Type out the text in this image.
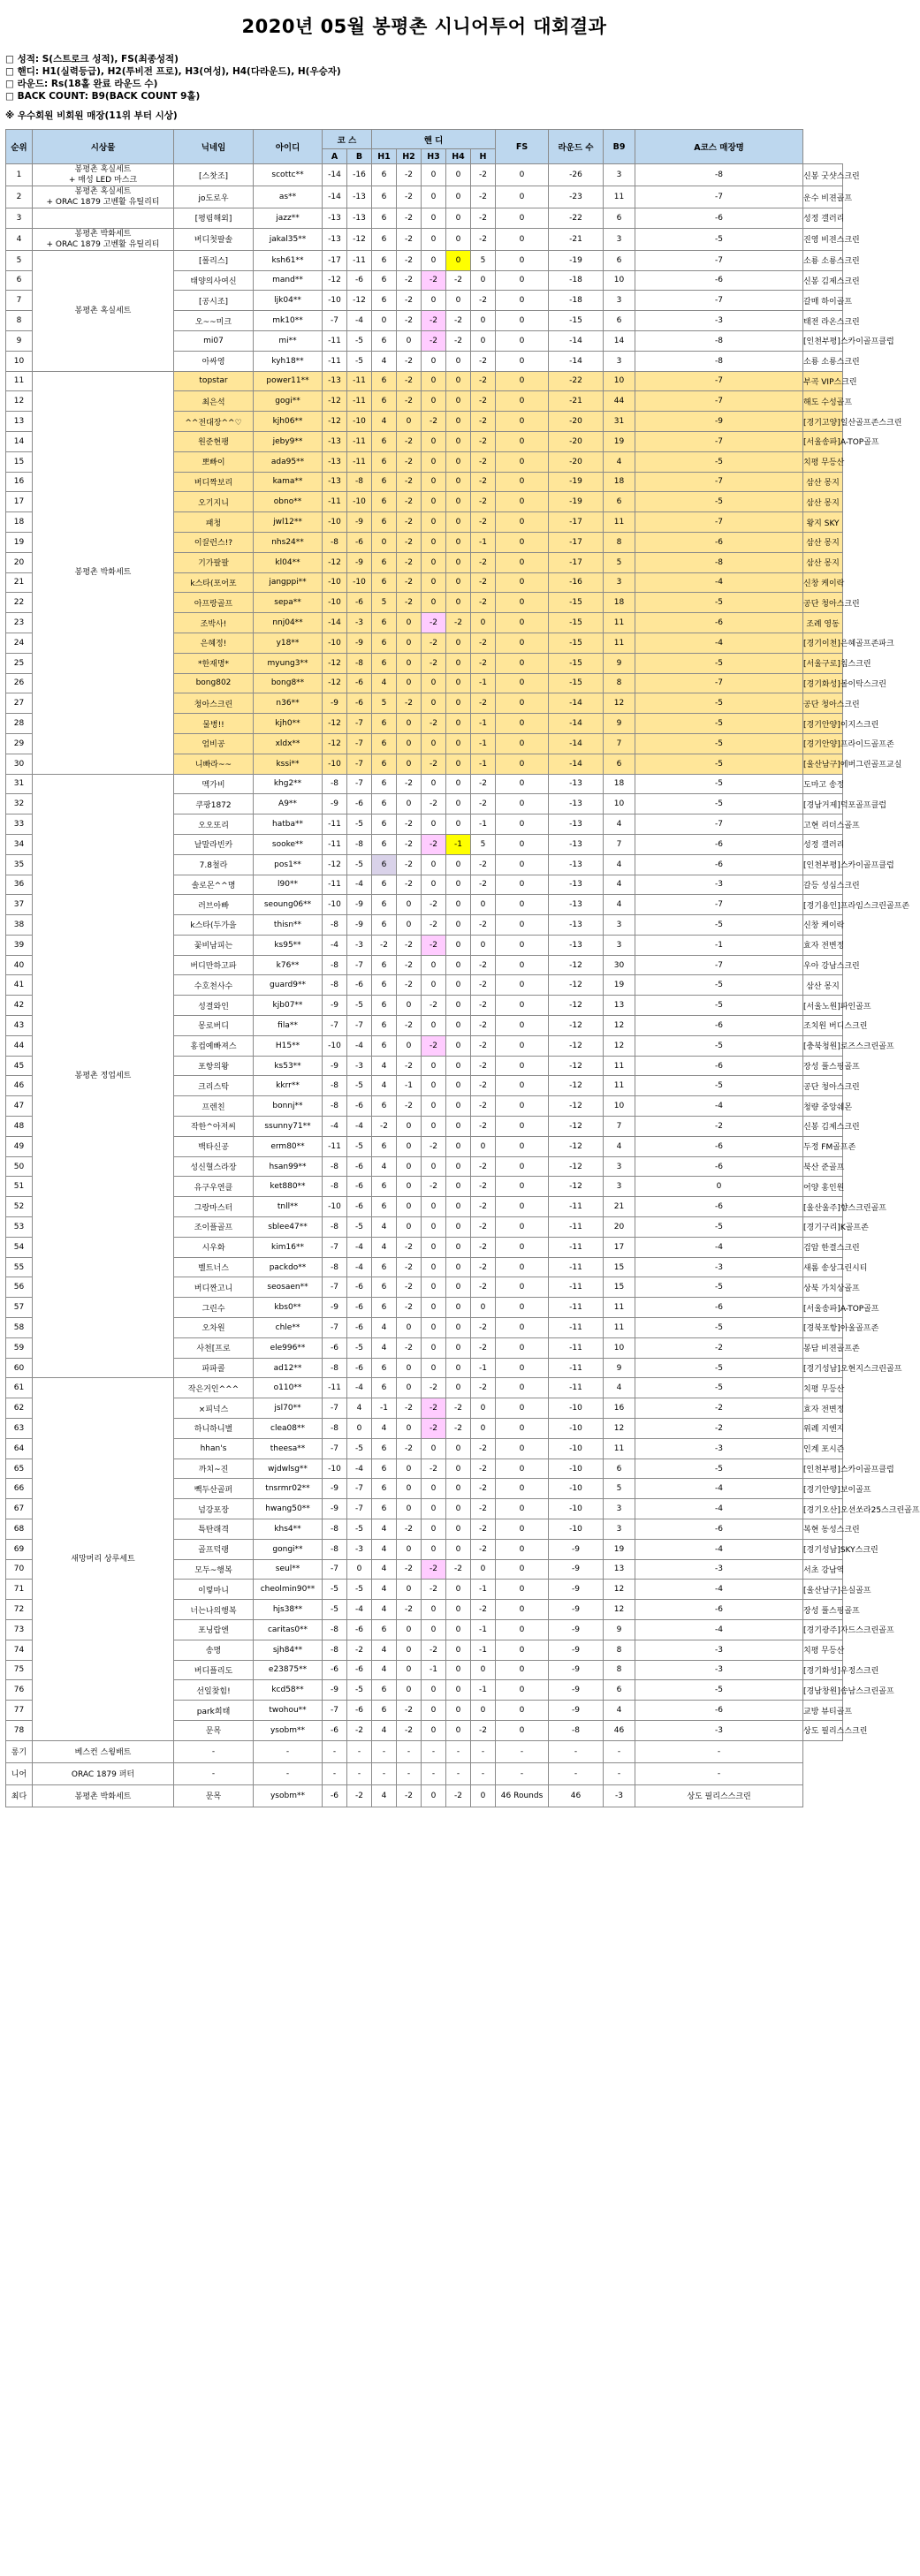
2020년 05월 봉평촌 시니어투어 대회결과
□ 성적: S(스트로크 성적), FS(최종성적)
□ 핸디: H1(실력등급), H2(투비전 프로), H3(여성), H4(다라운드), H(우승자)
□ 라운드: Rs(18홀 완료 라운드 수)
□ BACK COUNT: B9(BACK COUNT 9홀)
※ 우수회원 비회원 매장(11위 부터 시상)
순위	시상물	닉네임	아이디	코 스		핸 디					FS	라운드 수	B9	A코스 매장명	
				A	B	H1	H2	H3	H4	H					
1	봉평촌 혹실세트
+ 매성 LED 마스크	[스찻조]	scottc**	-14	-16	6	-2	0	0	-2	0	-26	3	-8	신봉 굿샷스크린
2	봉평촌 혹실세트
+ ORAC 1879 고벤활 유틸리티	jo도로우	as**	-14	-13	6	-2	0	0	-2	0	-23	11	-7	운수 비젼골프
3		[평림해외]	jazz**	-13	-13	6	-2	0	0	-2	0	-22	6	-6	성정 갤러리
4	봉평촌 박화세트
+ ORAC 1879 고벤활 유틸리티	버디첫팔솔	jakal35**	-13	-12	6	-2	0	0	-2	0	-21	3	-5	진영 비젼스크린
5	봉평촌 혹실세트	[폴리스]	ksh61**	-17	-11	6	-2	0	0	5	0	-19	6	-7	소룡 소룡스크린
6		태양의사여신	mand**	-12	-6	6	-2	-2	-2	0	0	-18	10	-6	신봉 김제스크린
7		[공시조]	ljk04**	-10	-12	6	-2	0	0	-2	0	-18	3	-7	갈매 하이골프
8		오~~미크	mk10**	-7	-4	0	-2	-2	-2	0	0	-15	6	-3	태전 라온스크린
9		mi07	mi**	-11	-5	6	0	-2	-2	0	0	-14	14	-8	[인천부평]스카이골프클럽
10		아싸영	kyh18**	-11	-5	4	-2	0	0	-2	0	-14	3	-8	소룡 소룡스크린
11	봉평촌 박화세트	topstar	power11**	-13	-11	6	-2	0	0	-2	0	-22	10	-7	부곡 VIP스크린
12		최은석	gogi**	-12	-11	6	-2	0	0	-2	0	-21	44	-7	해도 수성골프
13		^^전대장^^♡	kjh06**	-12	-10	4	0	-2	0	-2	0	-20	31	-9	[경기고양]일산골프존스크린
14		원준현팽	jeby9**	-13	-11	6	-2	0	0	-2	0	-20	19	-7	[서울송파]A-TOP골프
15		뽀빠이	ada95**	-13	-11	6	-2	0	0	-2	0	-20	4	-5	치평 무등산
16		버디짝보리	kama**	-13	-8	6	-2	0	0	-2	0	-19	18	-7	삼산 몽지
17		오기지니	obno**	-11	-10	6	-2	0	0	-2	0	-19	6	-5	삼산 몽지
18		패청	jwl12**	-10	-9	6	-2	0	0	-2	0	-17	11	-7	왕지 SKY
19		이끌런스!?	nhs24**	-8	-6	0	-2	0	0	-1	0	-17	8	-6	삼산 몽지
20		기가팔팔	kl04**	-12	-9	6	-2	0	0	-2	0	-17	5	-8	삼산 몽지
21		k스타(포어포	jangppi**	-10	-10	6	-2	0	0	-2	0	-16	3	-4	신창 케이락
22		아프랑골프	sepa**	-10	-6	5	-2	0	0	-2	0	-15	18	-5	공단 청아스크린
23		조박사!	nnj04**	-14	-3	6	0	-2	-2	0	0	-15	11	-6	조례 영동
24		은혜정!	y18**	-10	-9	6	0	-2	0	-2	0	-15	11	-4	[경기이천]은혜골프존파크
25		*한재명*	myung3**	-12	-8	6	0	-2	0	-2	0	-15	9	-5	[서울구로]칩스크린
26		bong802	bong8**	-12	-6	4	0	0	0	-1	0	-15	8	-7	[경기화성]볼이탁스크린
27		청아스크린	n36**	-9	-6	5	-2	0	0	-2	0	-14	12	-5	공단 청아스크린
28		물병!!	kjh0**	-12	-7	6	0	-2	0	-1	0	-14	9	-5	[경기안양]이지스크린
29		엄비공	xldx**	-12	-7	6	0	0	0	-1	0	-14	7	-5	[경기안양]프라이드골프존
30		니빠라~~	kssi**	-10	-7	6	0	-2	0	-1	0	-14	6	-5	[울산남구]에버그린골프교실
31	봉평촌 정업세트	멕가비	khg2**	-8	-7	6	-2	0	0	-2	0	-13	18	-5	도마고 송정
32		쿠팡1872	A9**	-9	-6	6	0	-2	0	-2	0	-13	10	-5	[경남거제]덕포골프클럽
33		오오또리	hatba**	-11	-5	6	-2	0	0	-1	0	-13	4	-7	고현 리더스골프
34		날말라빈카	sooke**	-11	-8	6	-2	-2	-1	5	0	-13	7	-6	성정 갤러리
35		7.8철라	pos1**	-12	-5	6	-2	0	0	-2	0	-13	4	-6	[인천부평]스카이골프클럽
36		솔로몬^^명	l90**	-11	-4	6	-2	0	0	-2	0	-13	4	-3	갈등 성심스크린
37		러브아빠	seoung06**	-10	-9	6	0	-2	0	0	0	-13	4	-7	[경기용인]프라임스크린골프존
38		k스타(두가을	thisn**	-8	-9	6	0	-2	0	-2	0	-13	3	-5	신창 케이락
39		꽃비남피는	ks95**	-4	-3	-2	-2	-2	0	0	0	-13	3	-1	효자 전변정
40		버디만하고파	k76**	-8	-7	6	-2	0	0	-2	0	-12	30	-7	우아 강남스크린
41		수호천사수	guard9**	-8	-6	6	-2	0	0	-2	0	-12	19	-5	삼산 몽지
42		성결와인	kjb07**	-9	-5	6	0	-2	0	-2	0	-12	13	-5	[서울노원]파인골프
43		몽로버디	fila**	-7	-7	6	-2	0	0	-2	0	-12	12	-6	조치원 버디스크린
44		홍컵예빠져스	H15**	-10	-4	6	0	-2	0	-2	0	-12	12	-5	[충북청원]로즈스크린골프
45		포항의왕	ks53**	-9	-3	4	-2	0	0	-2	0	-12	11	-6	장성 풀스핑골프
46		크리스탁	kkrr**	-8	-5	4	-1	0	0	-2	0	-12	11	-5	공단 청아스크린
47		프렌친	bonnj**	-8	-6	6	-2	0	0	-2	0	-12	10	-4	청량 중앙쉐몬
48		작한^아저씨	ssunny71**	-4	-4	-2	0	0	0	-2	0	-12	7	-2	신봉 김제스크린
49		백타신공	erm80**	-11	-5	6	0	-2	0	0	0	-12	4	-6	두정 FM골프존
50		성신혈스라장	hsan99**	-8	-6	4	0	0	0	-2	0	-12	3	-6	북산 준골프
51		유구우연클	ket880**	-8	-6	6	0	-2	0	-2	0	-12	3	0	어양 홍인원
52		그랑마스터	tnll**	-10	-6	6	0	0	0	-2	0	-11	21	-6	[울산울주]향스크린골프
53		조이플골프	sblee47**	-8	-5	4	0	0	0	-2	0	-11	20	-5	[경기구리]K골프존
54		시우화	kim16**	-7	-4	4	-2	0	0	-2	0	-11	17	-4	검암 한결스크린
55		벨트너스	packdo**	-8	-4	6	-2	0	0	-2	0	-11	15	-3	새롬 송상그린시티
56		버디짠고니	seosaen**	-7	-6	6	-2	0	0	-2	0	-11	15	-5	상북 가치상골프
57		그린수	kbs0**	-9	-6	6	-2	0	0	0	0	-11	11	-6	[서울송파]A-TOP골프
58		오차원	chle**	-7	-6	4	0	0	0	-2	0	-11	11	-5	[경북포항]아울골프존
59		사천[프로	ele996**	-6	-5	4	-2	0	0	-2	0	-11	10	-2	봉담 비젼골프존
60		파파콜	ad12**	-8	-6	6	0	0	0	-1	0	-11	9	-5	[경기성남]오현지스크린골프
61	새망머리 상루세트	작은거인^^^	o110**	-11	-4	6	0	-2	0	-2	0	-11	4	-5	치평 무등산
62		×피넉스	jsl70**	-7	4	-1	-2	-2	-2	0	0	-10	16	-2	효자 전변정
63		하니하니별	clea08**	-8	0	4	0	-2	-2	0	0	-10	12	-2	위례 지엔지
64		hhan's	theesa**	-7	-5	6	-2	0	0	-2	0	-10	11	-3	인계 포시즌
65		까치~진	wjdwlsg**	-10	-4	6	0	-2	0	-2	0	-10	6	-5	[인천부평]스카이골프클럽
66		빽두산골퍼	tnsrmr02**	-9	-7	6	0	0	0	-2	0	-10	5	-4	[경기안양]보이골프
67		넘강포장	hwang50**	-9	-7	6	0	0	0	-2	0	-10	3	-4	[경기오산]오션쏘라25스크린골프
68		특탄래격	khs4**	-8	-5	4	-2	0	0	-2	0	-10	3	-6	복현 동성스크린
69		골프덕랭	gongi**	-8	-3	4	0	0	0	-2	0	-9	19	-4	[경기성남]SKY스크린
70		모두~행복	seul**	-7	0	4	-2	-2	-2	0	0	-9	13	-3	서초 강남역
71		이렇마니	cheolmin90**	-5	-5	4	0	-2	0	-1	0	-9	12	-4	[울산남구]은실골프
72		너는나의행복	hjs38**	-5	-4	4	-2	0	0	-2	0	-9	12	-6	장성 풀스핑골프
73		포닝랍엔	caritas0**	-8	-6	6	0	0	0	-1	0	-9	9	-4	[경기광주]자드스크린골프
74		송명	sjh84**	-8	-2	4	0	-2	0	-1	0	-9	8	-3	치평 무등산
75		버디플리도	e23875**	-6	-6	4	0	-1	0	0	0	-9	8	-3	[경기화성]우정스크린
76		선일찾힘!	kcd58**	-9	-5	6	0	0	0	-1	0	-9	6	-5	[경남창원]송남스크린골프
77		park희태	twohou**	-7	-6	6	-2	0	0	0	0	-9	4	-6	교방 뷰티골프
78		문목	ysobm**	-6	-2	4	-2	0	0	-2	0	-8	46	-3	상도 필리스스크린
롱기	베스컨 스윙배트	-	-	-	-	-	-	-	-	-	-	-	-	-	
니어	ORAC 1879 퍼터	-	-	-	-	-	-	-	-	-	-	-	-	-	
최다	봉평촌 박화세트	문목	ysobm**	-6	-2	4	-2	0	-2	0	46 Rounds	46	-3	상도 필리스스크린	
